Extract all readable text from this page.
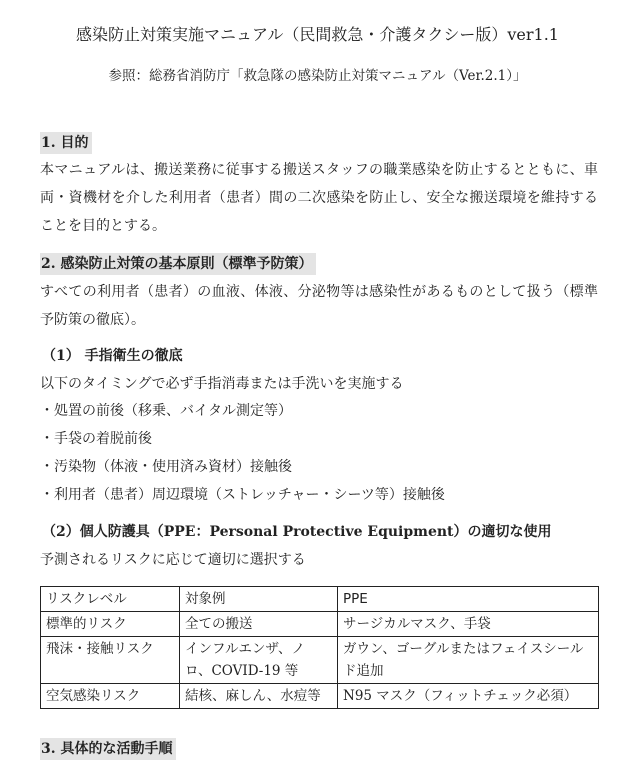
感染防止対策実施マニュアル（民間救急・介護タクシー版）ver1.1
参照：総務省消防庁「救急隊の感染防止対策マニュアル（Ver.2.1）」
1. 目的
本マニュアルは、搬送業務に従事する搬送スタッフの職業感染を防止するとともに、車
両・資機材を介した利用者（患者）間の二次感染を防止し、安全な搬送環境を維持する
ことを目的とする。
2. 感染防止対策の基本原則（標準予防策）
すべての利用者（患者）の血液、体液、分泌物等は感染性があるものとして扱う（標準
予防策の徹底）。
（1） 手指衛生の徹底
以下のタイミングで必ず手指消毒または手洗いを実施する
・処置の前後（移乗、バイタル測定等）
・手袋の着脱前後
・汚染物（体液・使用済み資材）接触後
・利用者（患者）周辺環境（ストレッチャー・シーツ等）接触後
（2）個人防護具（PPE：Personal Protective Equipment）の適切な使用
予測されるリスクに応じて適切に選択する
リスクレベル	対象例	PPE
標準的リスク	全ての搬送	サージカルマスク、手袋
飛沫・接触リスク	インフルエンザ、ノロ、COVID-19 等	ガウン、ゴーグルまたはフェイスシールド追加
空気感染リスク	結核、麻しん、水痘等	N95 マスク（フィットチェック必須）
3. 具体的な活動手順
